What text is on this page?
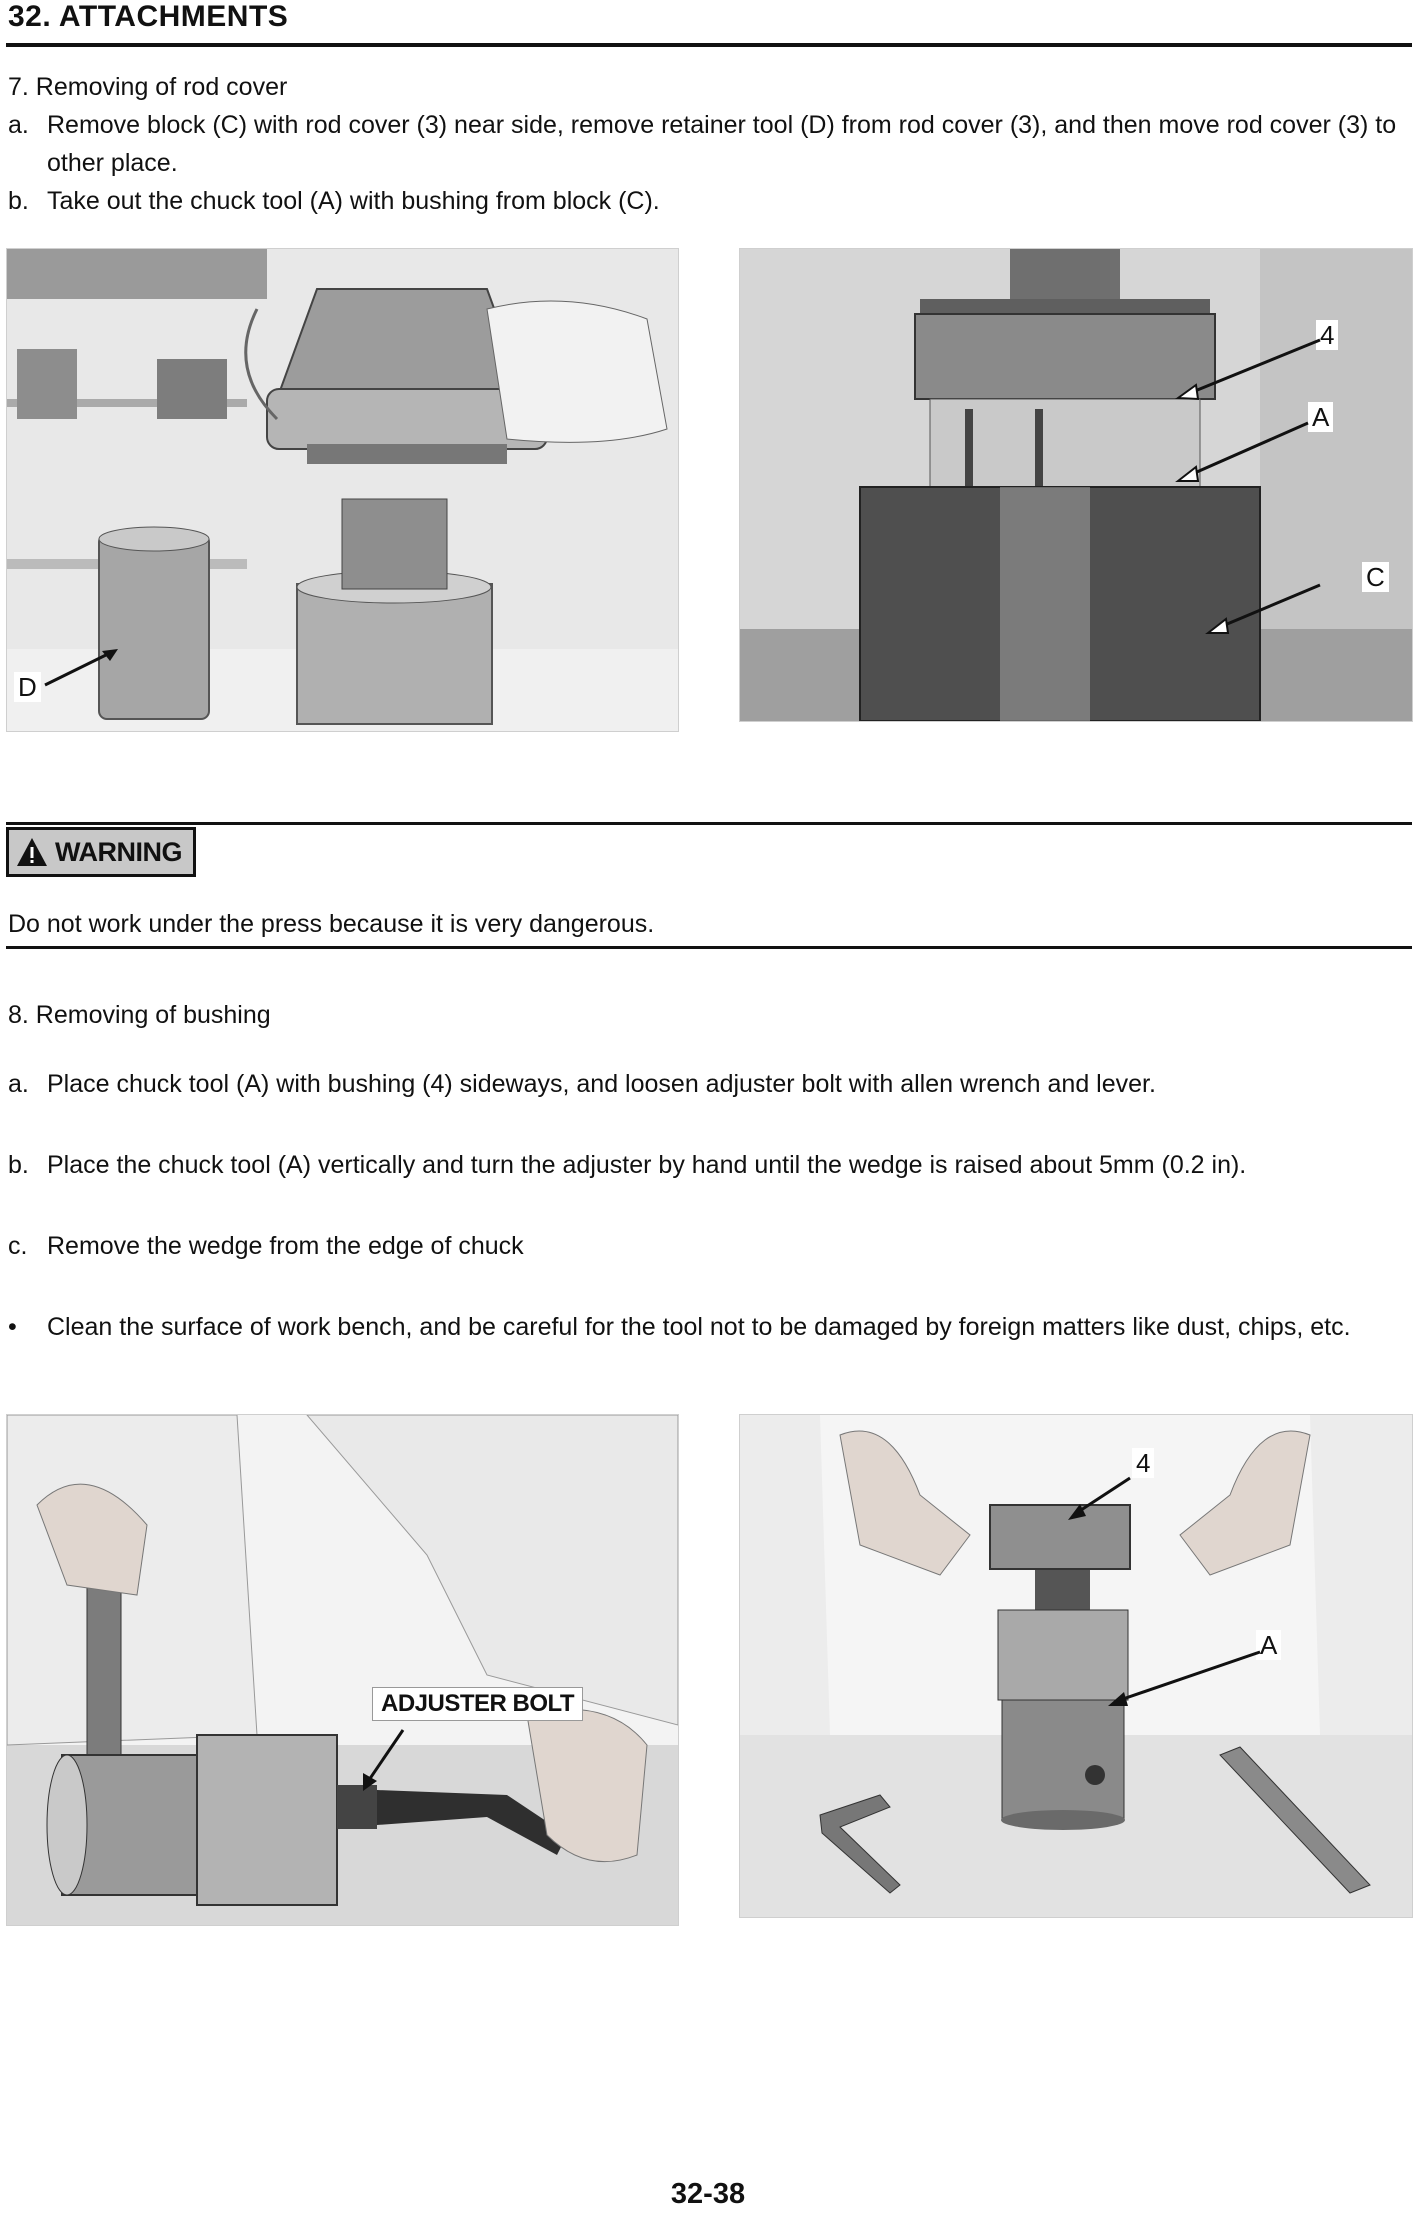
32. ATTACHMENTS
7. Removing of rod cover
a. Remove block (C) with rod cover (3) near side, remove retainer tool (D) from rod cover (3), and then move rod cover (3) to other place.
b. Take out the chuck tool (A) with bushing from block (C).
D
4
A
C
WARNING
Do not work under the press because it is very dangerous.
8. Removing of bushing
a. Place chuck tool (A) with bushing (4) sideways, and loosen adjuster bolt with allen wrench and lever.
b. Place the chuck tool (A) vertically and turn the adjuster by hand until the wedge is raised about 5mm (0.2 in).
c. Remove the wedge from the edge of chuck
•	Clean the surface of work bench, and be careful for the tool not to be damaged by foreign matters like dust, chips, etc.
ADJUSTER BOLT
4
A
32-38
